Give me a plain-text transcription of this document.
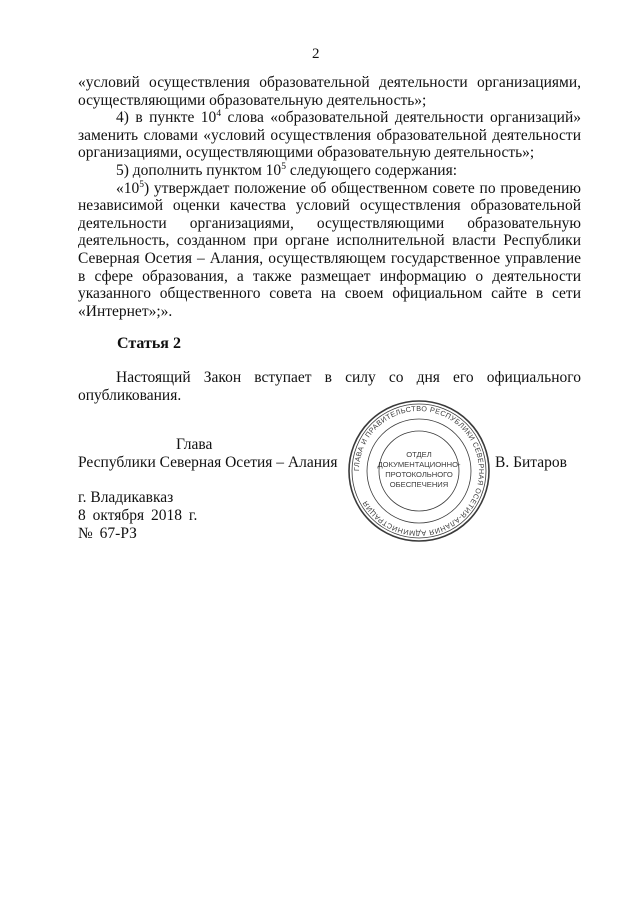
2

«условий осуществления образовательной деятельности организациями,

осуществляющими образовательную деятельность»;

4) в пункте $10^4$ слова «образовательной деятельности организаций» заменить словами «условий осуществления образовательной деятельности организациями, осуществляющими образовательную деятельность»;

5) дополнить пунктом $10^5$ следующего содержания:

«$10^5$) утверждает положение об общественном совете по проведению независимой оценки качества условий осуществления образовательной деятельности организациями, осуществляющими образовательную деятельность, созданном при органе исполнительной власти Республики Северная Осетия – Алания, осуществляющем государственное управление в сфере образования, а также размещает информацию о деятельности указанного общественного совета на своем официальном сайте в сети «Интернет»;».

Статья 2

Настоящий Закон вступает в силу со дня его официального опубликования.

Глава
Республики Северная Осетия – Алания	В. Битаров
г. Владикавказ
8 октября 2018 г.
№ 67-РЗ
ГЛАВА И ПРАВИТЕЛЬСТВО РЕСПУБЛИКИ СЕВЕРНАЯ ОСЕТИЯ-АЛАНИЯ АДМИНИСТРАЦИЯ
ОТДЕЛ
ДОКУМЕНТАЦИОННО-
ПРОТОКОЛЬНОГО
ОБЕСПЕЧЕНИЯ
